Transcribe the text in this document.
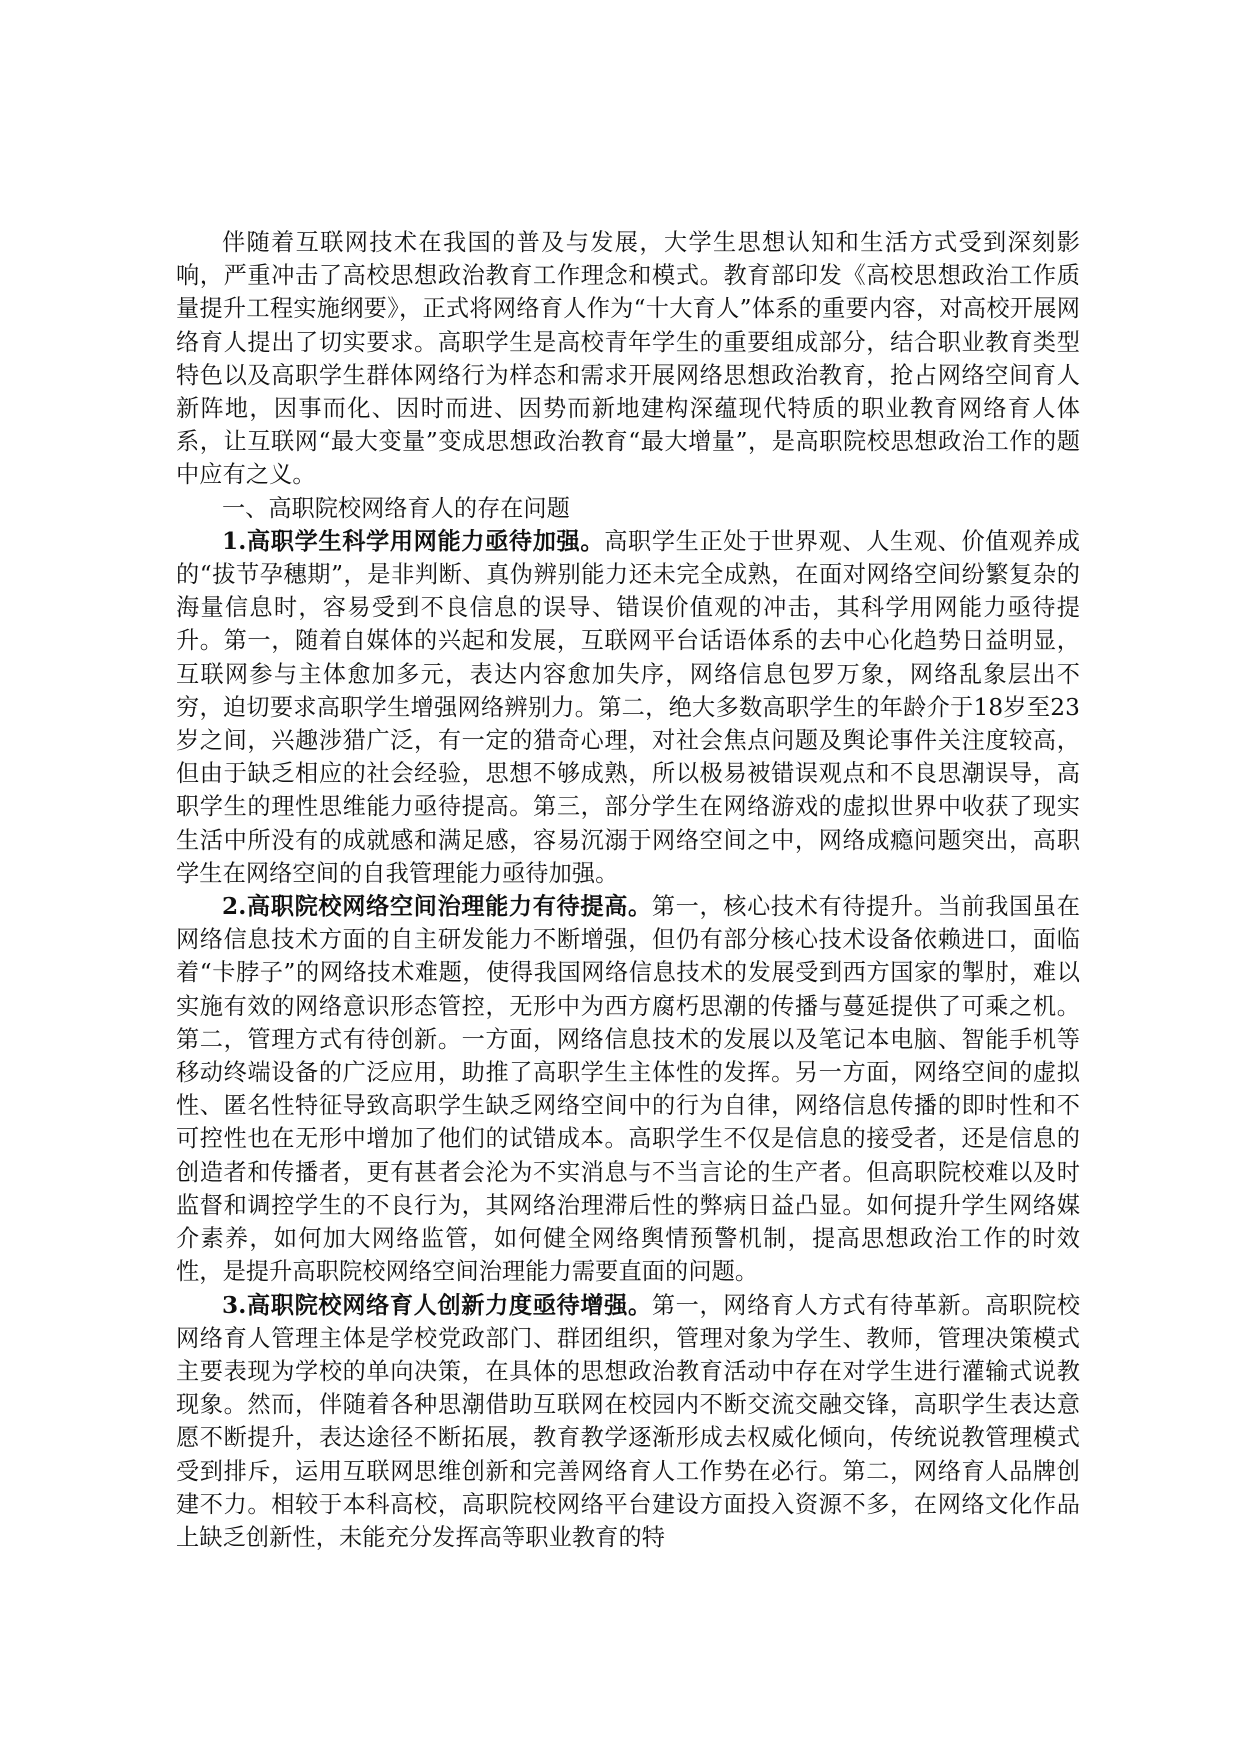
伴随着互联网技术在我国的普及与发展，大学生思想认知和生活方式受到深刻影响，严重冲击了高校思想政治教育工作理念和模式。教育部印发《高校思想政治工作质量提升工程实施纲要》，正式将网络育人作为“十大育人”体系的重要内容，对高校开展网络育人提出了切实要求。高职学生是高校青年学生的重要组成部分，结合职业教育类型特色以及高职学生群体网络行为样态和需求开展网络思想政治教育，抢占网络空间育人新阵地，因事而化、因时而进、因势而新地建构深蕴现代特质的职业教育网络育人体系，让互联网“最大变量”变成思想政治教育“最大增量”，是高职院校思想政治工作的题中应有之义。

一、高职院校网络育人的存在问题

1.高职学生科学用网能力亟待加强。高职学生正处于世界观、人生观、价值观养成的“拔节孕穗期”，是非判断、真伪辨别能力还未完全成熟，在面对网络空间纷繁复杂的海量信息时，容易受到不良信息的误导、错误价值观的冲击，其科学用网能力亟待提升。第一，随着自媒体的兴起和发展，互联网平台话语体系的去中心化趋势日益明显，互联网参与主体愈加多元，表达内容愈加失序，网络信息包罗万象，网络乱象层出不穷，迫切要求高职学生增强网络辨别力。第二，绝大多数高职学生的年龄介于18岁至23岁之间，兴趣涉猎广泛，有一定的猎奇心理，对社会焦点问题及舆论事件关注度较高，但由于缺乏相应的社会经验，思想不够成熟，所以极易被错误观点和不良思潮误导，高职学生的理性思维能力亟待提高。第三，部分学生在网络游戏的虚拟世界中收获了现实生活中所没有的成就感和满足感，容易沉溺于网络空间之中，网络成瘾问题突出，高职学生在网络空间的自我管理能力亟待加强。

2.高职院校网络空间治理能力有待提高。第一，核心技术有待提升。当前我国虽在网络信息技术方面的自主研发能力不断增强，但仍有部分核心技术设备依赖进口，面临着“卡脖子”的网络技术难题，使得我国网络信息技术的发展受到西方国家的掣肘，难以实施有效的网络意识形态管控，无形中为西方腐朽思潮的传播与蔓延提供了可乘之机。第二，管理方式有待创新。一方面，网络信息技术的发展以及笔记本电脑、智能手机等移动终端设备的广泛应用，助推了高职学生主体性的发挥。另一方面，网络空间的虚拟性、匿名性特征导致高职学生缺乏网络空间中的行为自律，网络信息传播的即时性和不可控性也在无形中增加了他们的试错成本。高职学生不仅是信息的接受者，还是信息的创造者和传播者，更有甚者会沦为不实消息与不当言论的生产者。但高职院校难以及时监督和调控学生的不良行为，其网络治理滞后性的弊病日益凸显。如何提升学生网络媒介素养，如何加大网络监管，如何健全网络舆情预警机制，提高思想政治工作的时效性，是提升高职院校网络空间治理能力需要直面的问题。

3.高职院校网络育人创新力度亟待增强。第一，网络育人方式有待革新。高职院校网络育人管理主体是学校党政部门、群团组织，管理对象为学生、教师，管理决策模式主要表现为学校的单向决策，在具体的思想政治教育活动中存在对学生进行灌输式说教现象。然而，伴随着各种思潮借助互联网在校园内不断交流交融交锋，高职学生表达意愿不断提升，表达途径不断拓展，教育教学逐渐形成去权威化倾向，传统说教管理模式受到排斥，运用互联网思维创新和完善网络育人工作势在必行。第二，网络育人品牌创建不力。相较于本科高校，高职院校网络平台建设方面投入资源不多，在网络文化作品上缺乏创新性，未能充分发挥高等职业教育的特
